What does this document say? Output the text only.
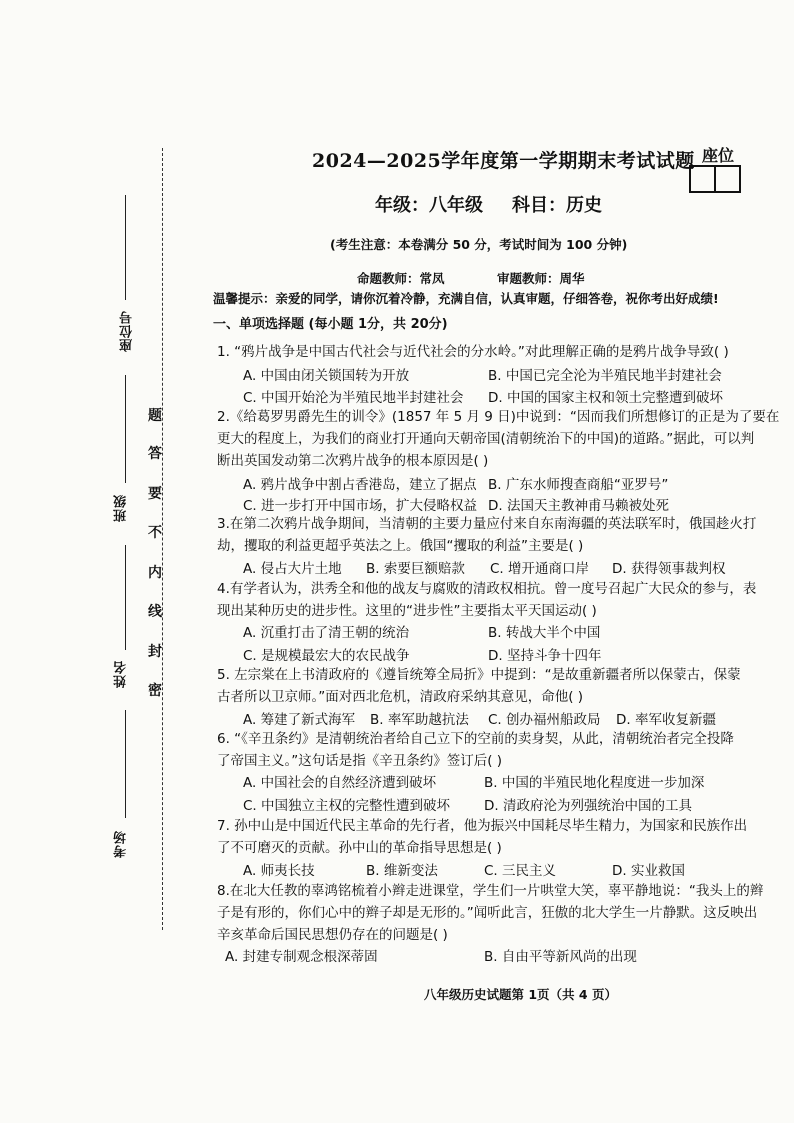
座位号
班级
姓名
考场
题
答
要
不
内
线
封
密
2024—2025学年度第一学期期末考试试题 座位
年级：八年级 科目：历史
(考生注意：本卷满分 50 分，考试时间为 100 分钟)
命题教师：常凤	审题教师：周华
温馨提示：亲爱的同学，请你沉着冷静，充满自信，认真审题，仔细答卷，祝你考出好成绩!
一、单项选择题 (每小题 1分，共 20分)
1. “鸦片战争是中国古代社会与近代社会的分水岭。”对此理解正确的是鸦片战争导致( )
A. 中国由闭关锁国转为开放	B. 中国已完全沦为半殖民地半封建社会
C. 中国开始沦为半殖民地半封建社会 D. 中国的国家主权和领土完整遭到破坏
2.《给葛罗男爵先生的训令》(1857 年 5 月 9 日)中说到：“因而我们所想修订的正是为了要在
更大的程度上，为我们的商业打开通向天朝帝国(清朝统治下的中国)的道路。”据此，可以判
断出英国发动第二次鸦片战争的根本原因是( )
A. 鸦片战争中割占香港岛，建立了据点 B. 广东水师搜查商船“亚罗号”
C. 进一步打开中国市场，扩大侵略权益 D. 法国天主教神甫马赖被处死
3.在第二次鸦片战争期间，当清朝的主要力量应付来自东南海疆的英法联军时，俄国趁火打
劫，攫取的利益更超乎英法之上。俄国“攫取的利益”主要是( )
A. 侵占大片土地 B. 索要巨额赔款 C. 增开通商口岸 D. 获得领事裁判权
4.有学者认为，洪秀全和他的战友与腐败的清政权相抗。曾一度号召起广大民众的参与，表
现出某种历史的进步性。这里的“进步性”主要指太平天国运动( )
A. 沉重打击了清王朝的统治	B. 转战大半个中国
C. 是规模最宏大的农民战争	D. 坚持斗争十四年
5. 左宗棠在上书清政府的《遵旨统筹全局折》中提到：“是故重新疆者所以保蒙古，保蒙
古者所以卫京师。”面对西北危机，清政府采纳其意见，命他( )
A. 筹建了新式海军 B. 率军助越抗法 C. 创办福州船政局 D. 率军收复新疆
6. “《辛丑条约》是清朝统治者给自己立下的空前的卖身契，从此，清朝统治者完全投降
了帝国主义。”这句话是指《辛丑条约》签订后( )
A. 中国社会的自然经济遭到破坏	B. 中国的半殖民地化程度进一步加深
C. 中国独立主权的完整性遭到破坏	D. 清政府沦为列强统治中国的工具
7. 孙中山是中国近代民主革命的先行者，他为振兴中国耗尽毕生精力，为国家和民族作出
了不可磨灭的贡献。孙中山的革命指导思想是( )
A. 师夷长技	B. 维新变法	C. 三民主义	D. 实业救国
8.在北大任教的辜鸿铭梳着小辫走进课堂，学生们一片哄堂大笑，辜平静地说：“我头上的辫
子是有形的，你们心中的辫子却是无形的。”闻听此言，狂傲的北大学生一片静默。这反映出
辛亥革命后国民思想仍存在的问题是( )
A. 封建专制观念根深蒂固	B. 自由平等新风尚的出现
八年级历史试题第 1页（共 4 页）
